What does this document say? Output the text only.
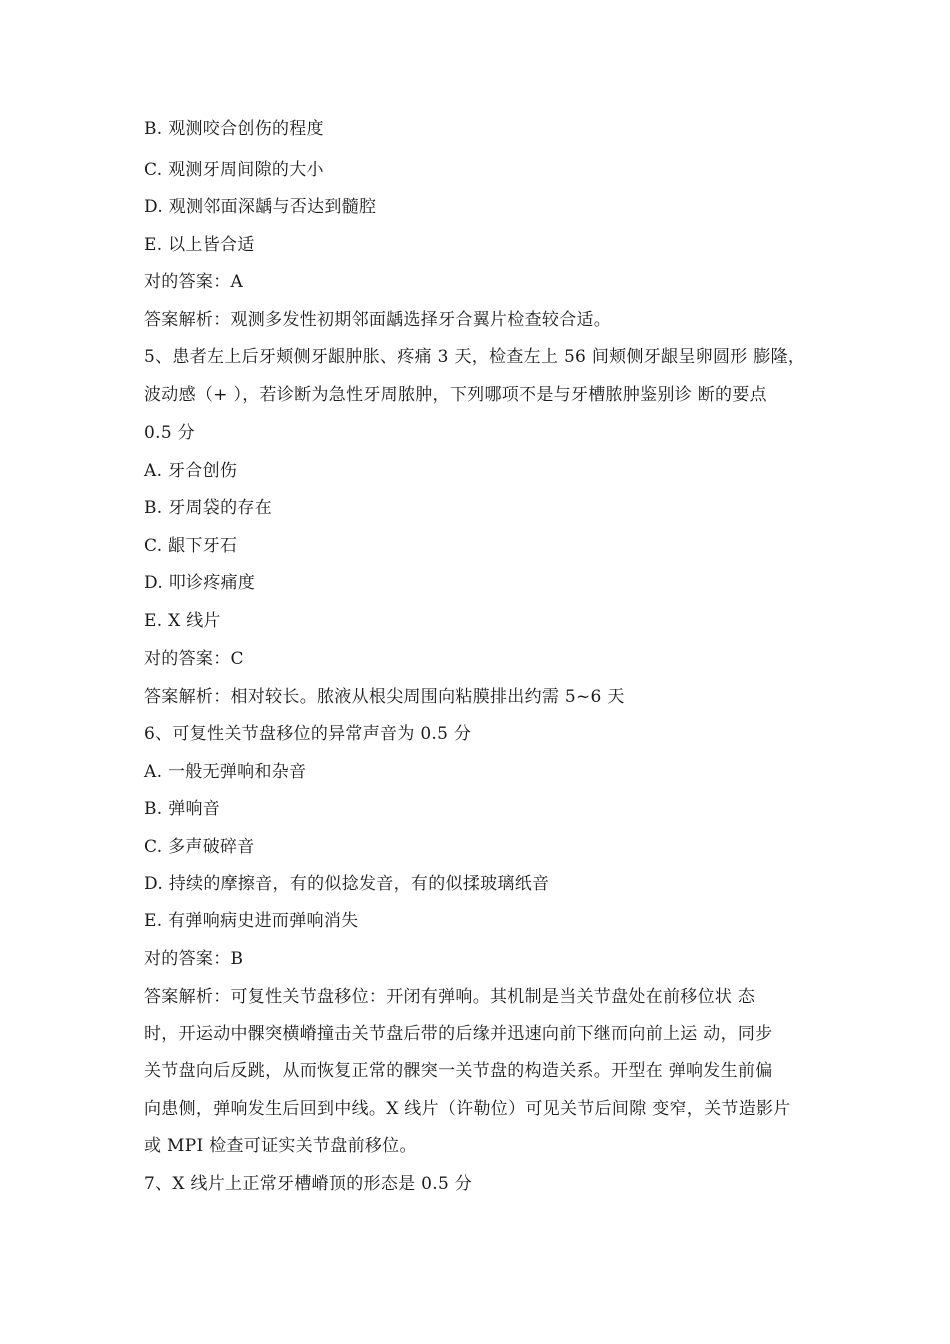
B. 观测咬合创伤的程度
C. 观测牙周间隙的大小
D. 观测邻面深龋与否达到髓腔
E. 以上皆合适
对的答案：A
答案解析：观测多发性初期邻面龋选择牙合翼片检查较合适。
5、患者左上后牙颊侧牙龈肿胀、疼痛 3 天，检查左上 56 间颊侧牙龈呈卵圆形 膨隆，
波动感（+ ），若诊断为急性牙周脓肿，下列哪项不是与牙槽脓肿鉴别诊 断的要点
0.5 分
A. 牙合创伤
B. 牙周袋的存在
C. 龈下牙石
D. 叩诊疼痛度
E. X 线片
对的答案：C
答案解析：相对较长。脓液从根尖周围向粘膜排出约需 5~6 天
6、可复性关节盘移位的异常声音为 0.5 分
A. 一般无弹响和杂音
B. 弹响音
C. 多声破碎音
D. 持续的摩擦音，有的似捻发音，有的似揉玻璃纸音
E. 有弹响病史进而弹响消失
对的答案：B
答案解析：可复性关节盘移位：开闭有弹响。其机制是当关节盘处在前移位状 态
时，开运动中髁突横嵴撞击关节盘后带的后缘并迅速向前下继而向前上运 动，同步
关节盘向后反跳，从而恢复正常的髁突一关节盘的构造关系。开型在 弹响发生前偏
向患侧，弹响发生后回到中线。X 线片（许勒位）可见关节后间隙 变窄，关节造影片
或 MPI 检查可证实关节盘前移位。
7、X 线片上正常牙槽嵴顶的形态是 0.5 分
